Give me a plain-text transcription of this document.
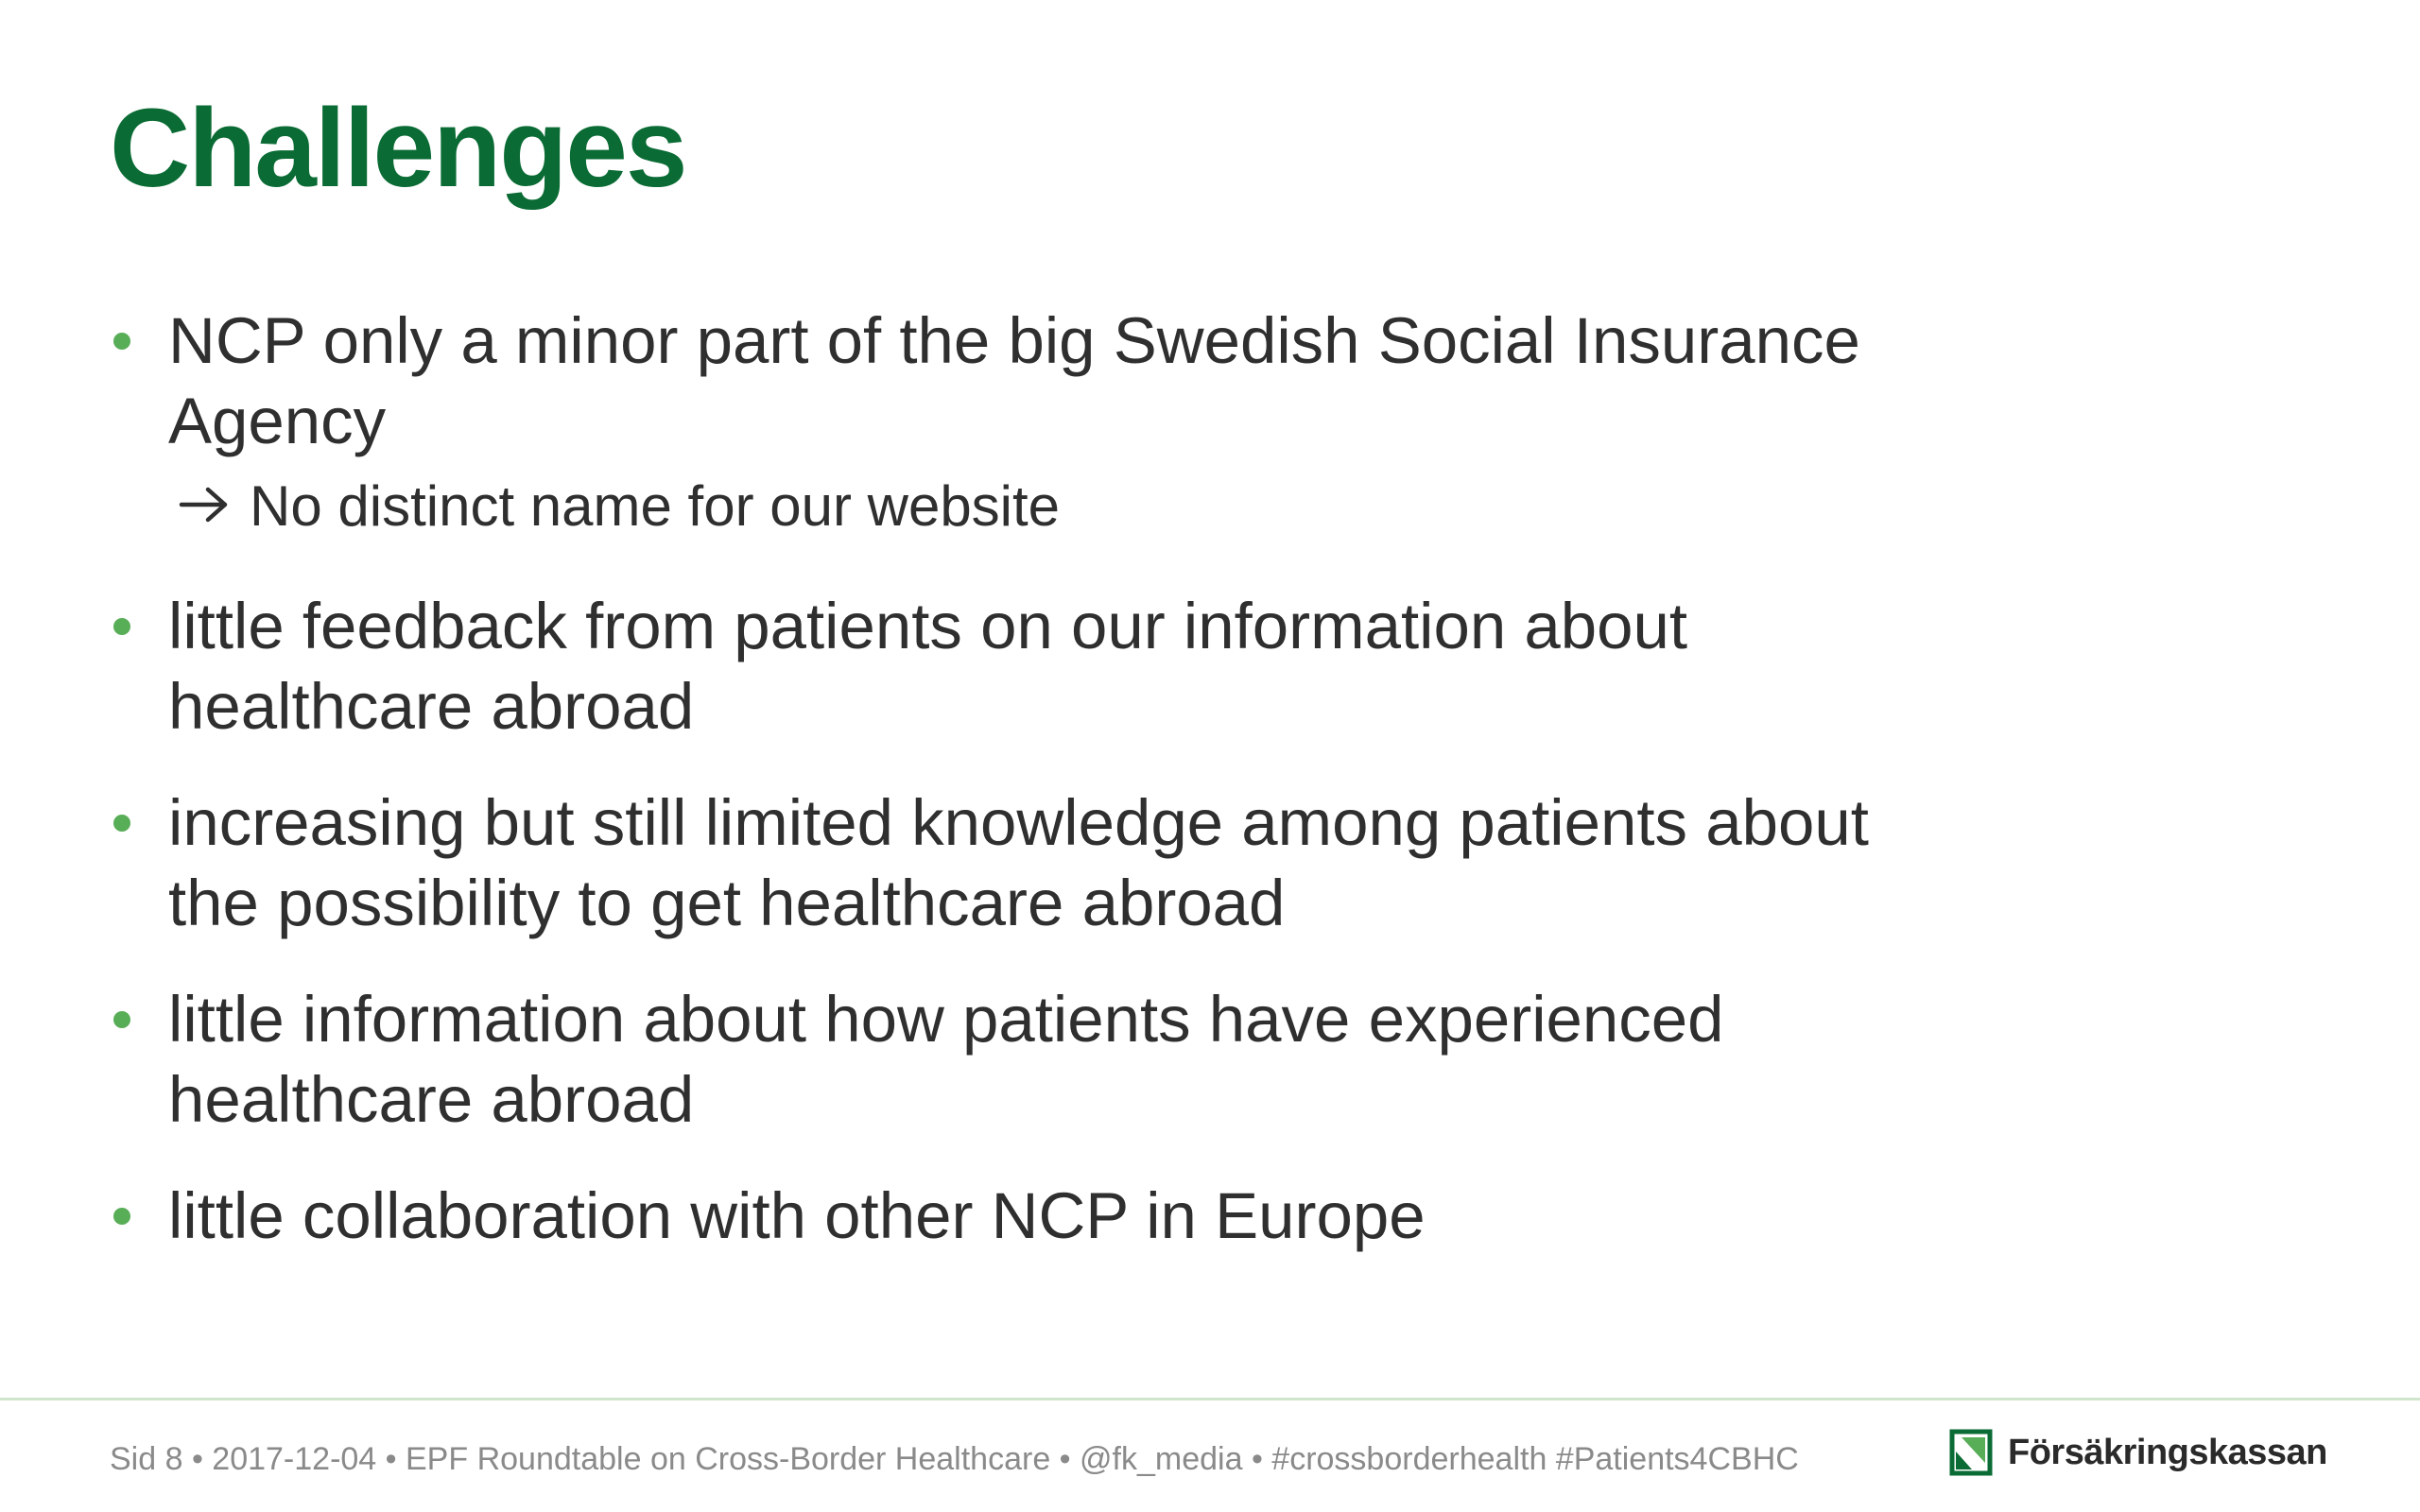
Challenges
NCP only a minor part of the big Swedish Social Insurance Agency
No distinct name for our website
little feedback from patients on our information about healthcare abroad
increasing but still limited knowledge among patients about the possibility to get healthcare abroad
little information about how patients have experienced healthcare abroad
little collaboration with other NCP in Europe
Sid 8 • 2017-12-04 • EPF Roundtable on Cross-Border Healthcare • @fk_media • #crossborderhealth #Patients4CBHC	Försäkringskassan
